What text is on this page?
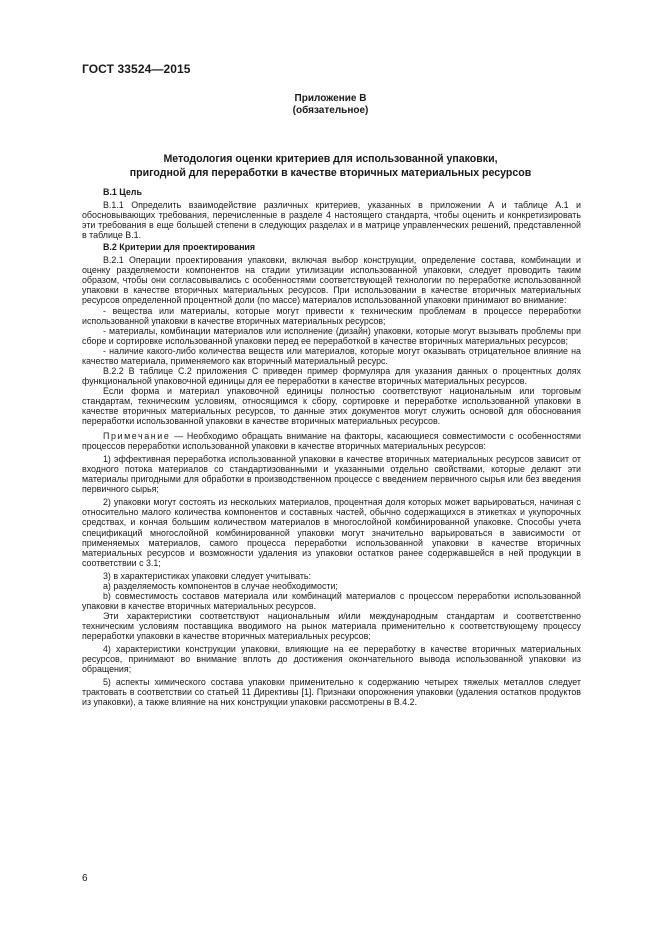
ГОСТ 33524—2015
Приложение В
(обязательное)
Методология оценки критериев для использованной упаковки,
пригодной для переработки в качестве вторичных материальных ресурсов

В.1 Цель

В.1.1 Определить взаимодействие различных критериев, указанных в приложении А и таблице А.1 и обосновывающих требования, перечисленные в разделе 4 настоящего стандарта, чтобы оценить и конкретизировать эти требования в еще большей степени в следующих разделах и в матрице управленческих решений, представленной в таблице В.1.

В.2 Критерии для проектирования

В.2.1 Операции проектирования упаковки, включая выбор конструкции, определение состава, комбинации и оценку разделяемости компонентов на стадии утилизации использованной упаковки, следует проводить таким образом, чтобы они согласовывались с особенностями соответствующей технологии по переработке использованной упаковки в качестве вторичных материальных ресурсов. При использовании в качестве вторичных материальных ресурсов определенной процентной доли (по массе) материалов использованной упаковки принимают во внимание:

- вещества или материалы, которые могут привести к техническим проблемам в процессе переработки использованной упаковки в качестве вторичных материальных ресурсов;

- материалы, комбинации материалов или исполнение (дизайн) упаковки, которые могут вызывать проблемы при сборе и сортировке использованной упаковки перед ее переработкой в качестве вторичных материальных ресурсов;

- наличие какого-либо количества веществ или материалов, которые могут оказывать отрицательное влияние на качество материала, применяемого как вторичный материальный ресурс.

В.2.2 В таблице С.2 приложения С приведен пример формуляра для указания данных о процентных долях функциональной упаковочной единицы для ее переработки в качестве вторичных материальных ресурсов.

Если форма и материал упаковочной единицы полностью соответствуют национальным или торговым стандартам, техническим условиям, относящимся к сбору, сортировке и переработке использованной упаковки в качестве вторичных материальных ресурсов, то данные этих документов могут служить основой для обоснования переработки использованной упаковки в качестве вторичных материальных ресурсов.

Примечание — Необходимо обращать внимание на факторы, касающиеся совместимости с особенностями процессов переработки использованной упаковки в качестве вторичных материальных ресурсов:

1) эффективная переработка использованной упаковки в качестве вторичных материальных ресурсов зависит от входного потока материалов со стандартизованными и указанными отдельно свойствами, которые делают эти материалы пригодными для обработки в производственном процессе с введением первичного сырья или без введения первичного сырья;

2) упаковки могут состоять из нескольких материалов, процентная доля которых может варьироваться, начиная с относительно малого количества компонентов и составных частей, обычно содержащихся в этикетках и укупорочных средствах, и кончая большим количеством материалов в многослойной комбинированной упаковке. Способы учета спецификаций многослойной комбинированной упаковки могут значительно варьироваться в зависимости от применяемых материалов, самого процесса переработки использованной упаковки в качестве вторичных материальных ресурсов и возможности удаления из упаковки остатков ранее содержавшейся в ней продукции в соответствии с 3.1;

3) в характеристиках упаковки следует учитывать:

a) разделяемость компонентов в случае необходимости;

b) совместимость составов материала или комбинаций материалов с процессом переработки использованной упаковки в качестве вторичных материальных ресурсов.

Эти характеристики соответствуют национальным и/или международным стандартам и соответственно техническим условиям поставщика вводимого на рынок материала применительно к соответствующему процессу переработки упаковки в качестве вторичных материальных ресурсов;

4) характеристики конструкции упаковки, влияющие на ее переработку в качестве вторичных материальных ресурсов, принимают во внимание вплоть до достижения окончательного вывода использованной упаковки из обращения;

5) аспекты химического состава упаковки применительно к содержанию четырех тяжелых металлов следует трактовать в соответствии со статьей 11 Директивы [1]. Признаки опорожнения упаковки (удаления остатков продуктов из упаковки), а также влияние на них конструкции упаковки рассмотрены в В.4.2.

6
